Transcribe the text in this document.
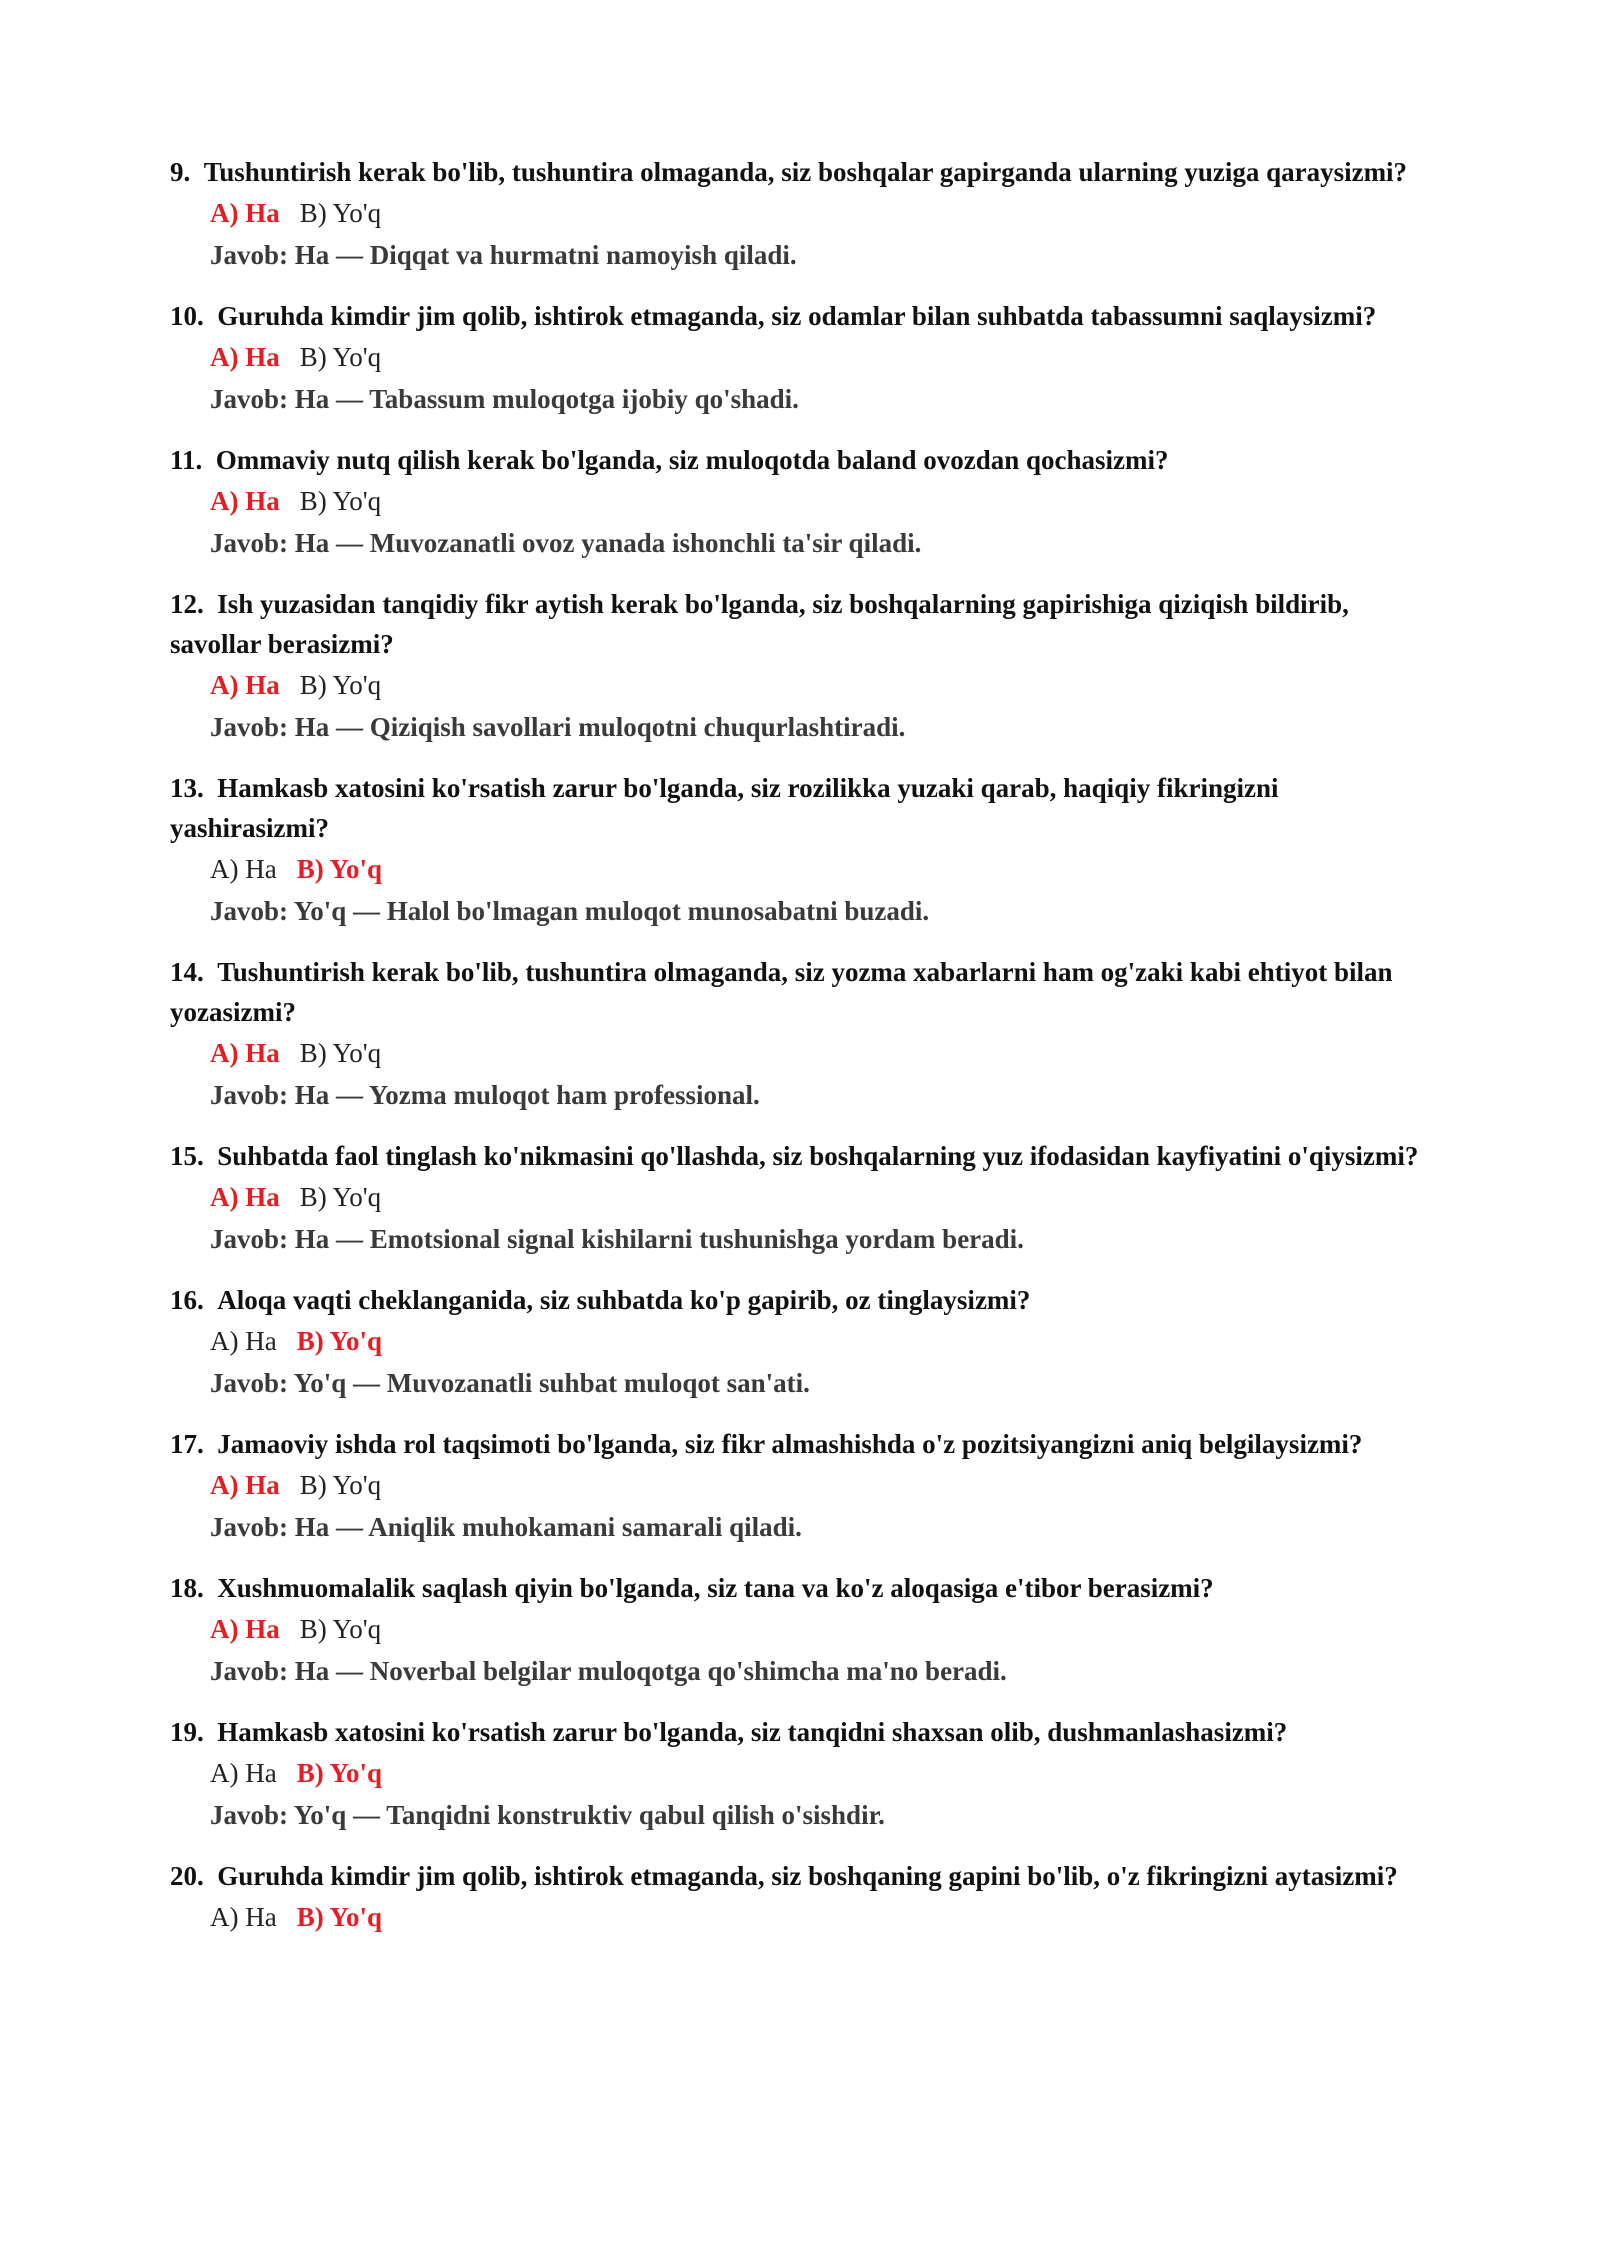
9. Tushuntirish kerak bo'lib, tushuntira olmaganda, siz boshqalar gapirganda ularning yuziga qaraysizmi?

A) Ha B) Yo'q
Javob: Ha — Diqqat va hurmatni namoyish qiladi.

10. Guruhda kimdir jim qolib, ishtirok etmaganda, siz odamlar bilan suhbatda tabassumni saqlaysizmi?

A) Ha B) Yo'q
Javob: Ha — Tabassum muloqotga ijobiy qo'shadi.

11. Ommaviy nutq qilish kerak bo'lganda, siz muloqotda baland ovozdan qochasizmi?

A) Ha B) Yo'q
Javob: Ha — Muvozanatli ovoz yanada ishonchli ta'sir qiladi.

12. Ish yuzasidan tanqidiy fikr aytish kerak bo'lganda, siz boshqalarning gapirishiga qiziqish bildirib, savollar berasizmi?

A) Ha B) Yo'q
Javob: Ha — Qiziqish savollari muloqotni chuqurlashtiradi.

13. Hamkasb xatosini ko'rsatish zarur bo'lganda, siz rozilikka yuzaki qarab, haqiqiy fikringizni yashirasizmi?

A) Ha B) Yo'q
Javob: Yo'q — Halol bo'lmagan muloqot munosabatni buzadi.

14. Tushuntirish kerak bo'lib, tushuntira olmaganda, siz yozma xabarlarni ham og'zaki kabi ehtiyot bilan yozasizmi?

A) Ha B) Yo'q
Javob: Ha — Yozma muloqot ham professional.

15. Suhbatda faol tinglash ko'nikmasini qo'llashda, siz boshqalarning yuz ifodasidan kayfiyatini o'qiysizmi?

A) Ha B) Yo'q
Javob: Ha — Emotsional signal kishilarni tushunishga yordam beradi.

16. Aloqa vaqti cheklanganida, siz suhbatda ko'p gapirib, oz tinglaysizmi?

A) Ha B) Yo'q
Javob: Yo'q — Muvozanatli suhbat muloqot san'ati.

17. Jamaoviy ishda rol taqsimoti bo'lganda, siz fikr almashishda o'z pozitsiyangizni aniq belgilaysizmi?

A) Ha B) Yo'q
Javob: Ha — Aniqlik muhokamani samarali qiladi.

18. Xushmuomalalik saqlash qiyin bo'lganda, siz tana va ko'z aloqasiga e'tibor berasizmi?

A) Ha B) Yo'q
Javob: Ha — Noverbal belgilar muloqotga qo'shimcha ma'no beradi.

19. Hamkasb xatosini ko'rsatish zarur bo'lganda, siz tanqidni shaxsan olib, dushmanlashasizmi?

A) Ha B) Yo'q
Javob: Yo'q — Tanqidni konstruktiv qabul qilish o'sishdir.

20. Guruhda kimdir jim qolib, ishtirok etmaganda, siz boshqaning gapini bo'lib, o'z fikringizni aytasizmi?

A) Ha B) Yo'q
